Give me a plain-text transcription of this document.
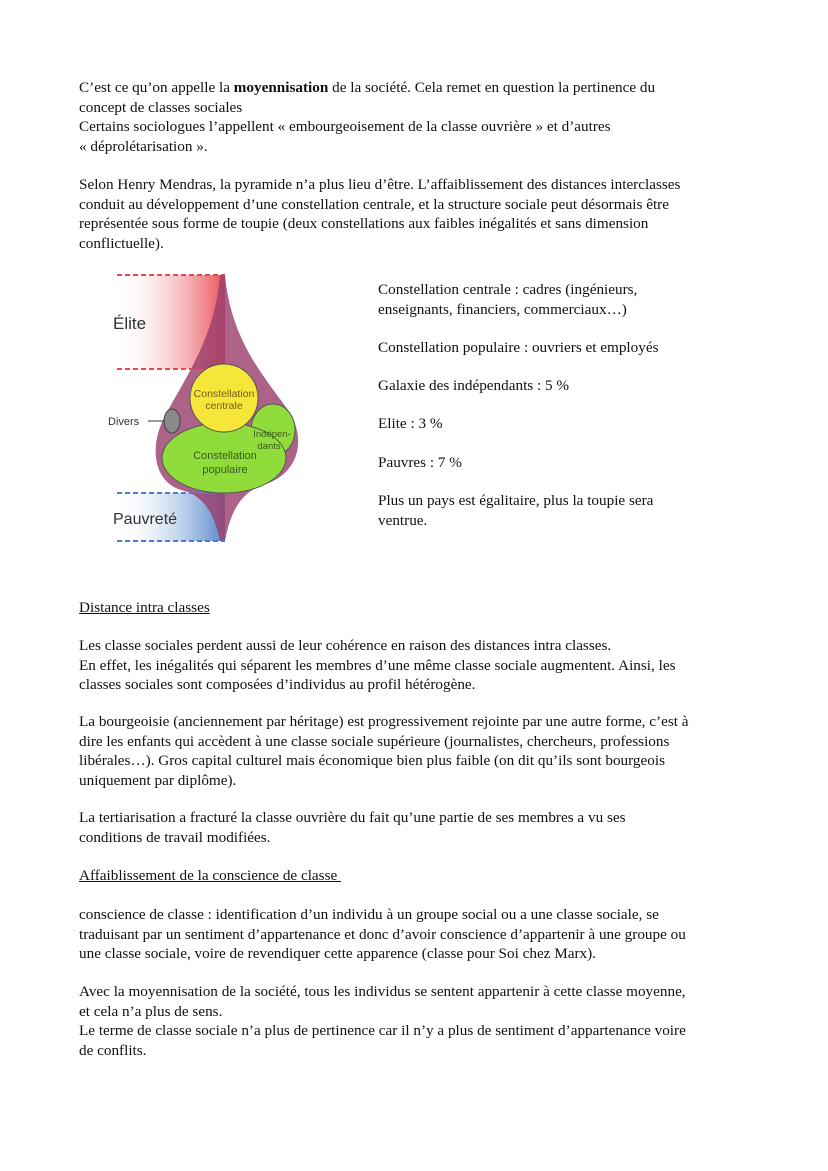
C’est ce qu’on appelle la moyennisation de la société. Cela remet en question la pertinence du
concept de classes sociales
Certains sociologues l’appellent « embourgeoisement de la classe ouvrière » et d’autres
« déprolétarisation ».

Selon Henry Mendras, la pyramide n’a plus lieu d’être. L’affaiblissement des distances interclasses
conduit au développement d’une constellation centrale, et la structure sociale peut désormais être
représentée sous forme de toupie (deux constellations aux faibles inégalités et sans dimension
conflictuelle).

Élite
Pauvreté
Divers
Constellation
centrale
Constellation
populaire
Indépen-
dants

Constellation centrale : cadres (ingénieurs,
enseignants, financiers, commerciaux…)

Constellation populaire : ouvriers et employés

Galaxie des indépendants : 5 %

Elite : 3 %

Pauvres : 7 %

Plus un pays est égalitaire, plus la toupie sera
ventrue.

Distance intra classes

Les classe sociales perdent aussi de leur cohérence en raison des distances intra classes.
En effet, les inégalités qui séparent les membres d’une même classe sociale augmentent. Ainsi, les
classes sociales sont composées d’individus au profil hétérogène.

La bourgeoisie (anciennement par héritage) est progressivement rejointe par une autre forme, c’est à
dire les enfants qui accèdent à une classe sociale supérieure (journalistes, chercheurs, professions
libérales…). Gros capital culturel mais économique bien plus faible (on dit qu’ils sont bourgeois
uniquement par diplôme).

La tertiarisation a fracturé la classe ouvrière du fait qu’une partie de ses membres a vu ses
conditions de travail modifiées.

Affaiblissement de la conscience de classe

conscience de classe : identification d’un individu à un groupe social ou a une classe sociale, se
traduisant par un sentiment d’appartenance et donc d’avoir conscience d’appartenir à une groupe ou
une classe sociale, voire de revendiquer cette apparence (classe pour Soi chez Marx).

Avec la moyennisation de la société, tous les individus se sentent appartenir à cette classe moyenne,
et cela n’a plus de sens.
Le terme de classe sociale n’a plus de pertinence car il n’y a plus de sentiment d’appartenance voire
de conflits.
